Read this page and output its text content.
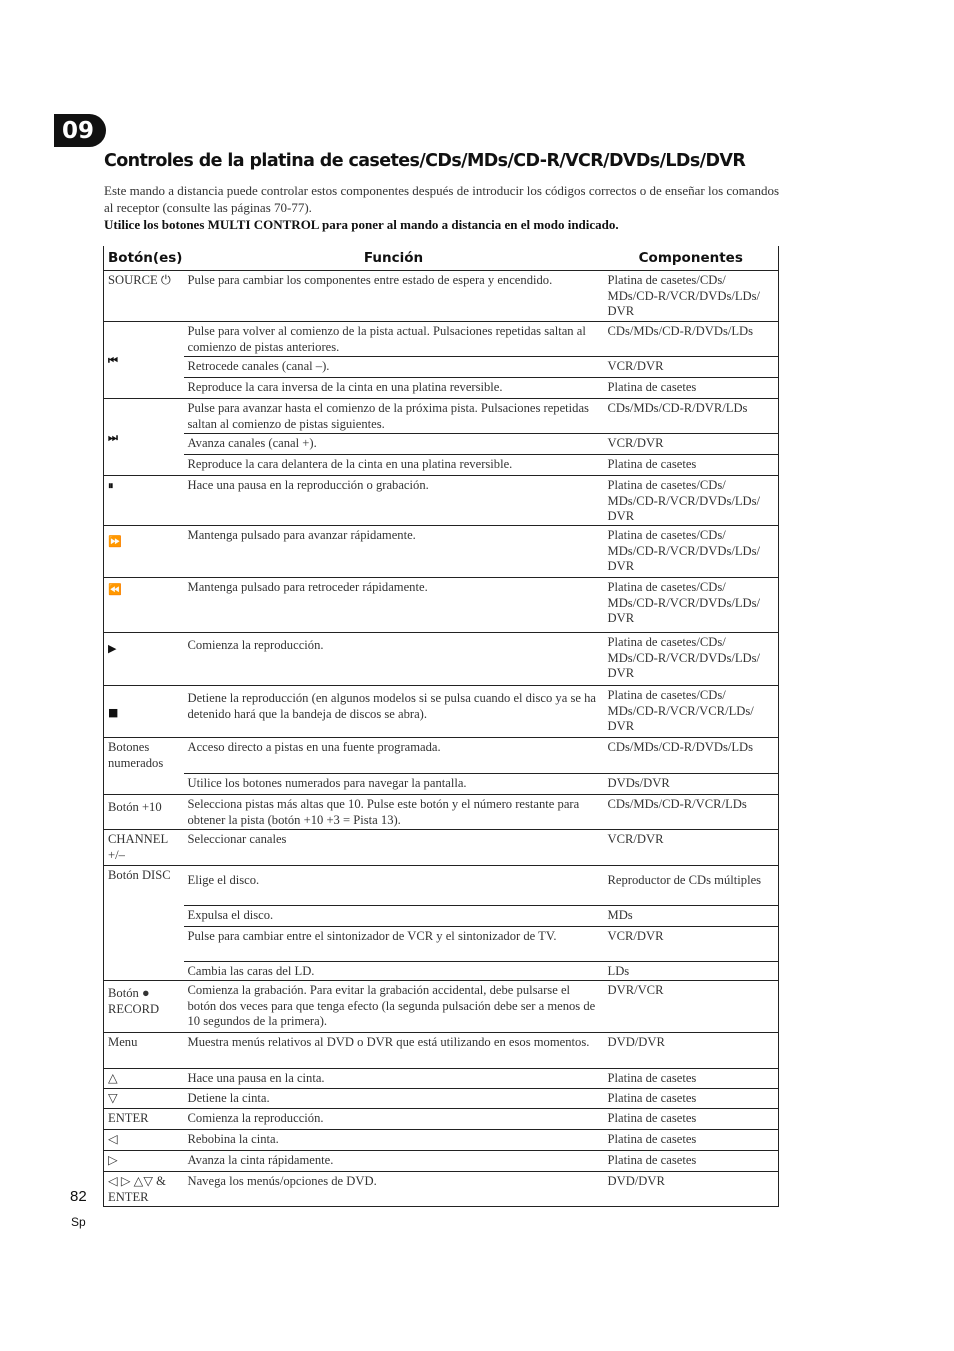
09
Controles de la platina de casetes/CDs/MDs/CD-R/VCR/DVDs/LDs/DVR

Este mando a distancia puede controlar estos componentes después de introducir los códigos correctos o de enseñar los comandos al receptor (consulte las páginas 70-77).

Utilice los botones MULTI CONTROL para poner al mando a distancia en el modo indicado.

Botón(es)	Función	Componentes
SOURCE ⏻	Pulse para cambiar los componentes entre estado de espera y encendido.	Platina de casetes/CDs/ MDs/CD-R/VCR/DVDs/LDs/ DVR
⏮	Pulse para volver al comienzo de la pista actual. Pulsaciones repetidas saltan al comienzo de pistas anteriores.	CDs/MDs/CD-R/DVDs/LDs
	Retrocede canales (canal –).	VCR/DVR
	Reproduce la cara inversa de la cinta en una platina reversible.	Platina de casetes
⏭	Pulse para avanzar hasta el comienzo de la próxima pista. Pulsaciones repetidas saltan al comienzo de pistas siguientes.	CDs/MDs/CD-R/DVR/LDs
	Avanza canales (canal +).	VCR/DVR
	Reproduce la cara delantera de la cinta en una platina reversible.	Platina de casetes
⏸	Hace una pausa en la reproducción o grabación.	Platina de casetes/CDs/ MDs/CD-R/VCR/DVDs/LDs/ DVR
⏩	Mantenga pulsado para avanzar rápidamente.	Platina de casetes/CDs/ MDs/CD-R/VCR/DVDs/LDs/ DVR
⏪	Mantenga pulsado para retroceder rápidamente.	Platina de casetes/CDs/ MDs/CD-R/VCR/DVDs/LDs/ DVR
▶	Comienza la reproducción.	Platina de casetes/CDs/ MDs/CD-R/VCR/DVDs/LDs/ DVR
■	Detiene la reproducción (en algunos modelos si se pulsa cuando el disco ya se ha detenido hará que la bandeja de discos se abra).	Platina de casetes/CDs/ MDs/CD-R/VCR/VCR/LDs/ DVR
Botones numerados	Acceso directo a pistas en una fuente programada.	CDs/MDs/CD-R/DVDs/LDs
	Utilice los botones numerados para navegar la pantalla.	DVDs/DVR
Botón +10	Selecciona pistas más altas que 10. Pulse este botón y el número restante para obtener la pista (botón +10 +3 = Pista 13).	CDs/MDs/CD-R/VCR/LDs
CHANNEL +/–	Seleccionar canales	VCR/DVR
Botón DISC	Elige el disco.	Reproductor de CDs múltiples
	Expulsa el disco.	MDs
	Pulse para cambiar entre el sintonizador de VCR y el sintonizador de TV.	VCR/DVR
	Cambia las caras del LD.	LDs
Botón ● RECORD	Comienza la grabación. Para evitar la grabación accidental, debe pulsarse el botón dos veces para que tenga efecto (la segunda pulsación debe ser a menos de 10 segundos de la primera).	DVR/VCR
Menu	Muestra menús relativos al DVD o DVR que está utilizando en esos momentos.	DVD/DVR
△	Hace una pausa en la cinta.	Platina de casetes
▽	Detiene la cinta.	Platina de casetes
ENTER	Comienza la reproducción.	Platina de casetes
◁	Rebobina la cinta.	Platina de casetes
▷	Avanza la cinta rápidamente.	Platina de casetes
◁ ▷ △▽ & ENTER	Navega los menús/opciones de DVD.	DVD/DVR
82
Sp
